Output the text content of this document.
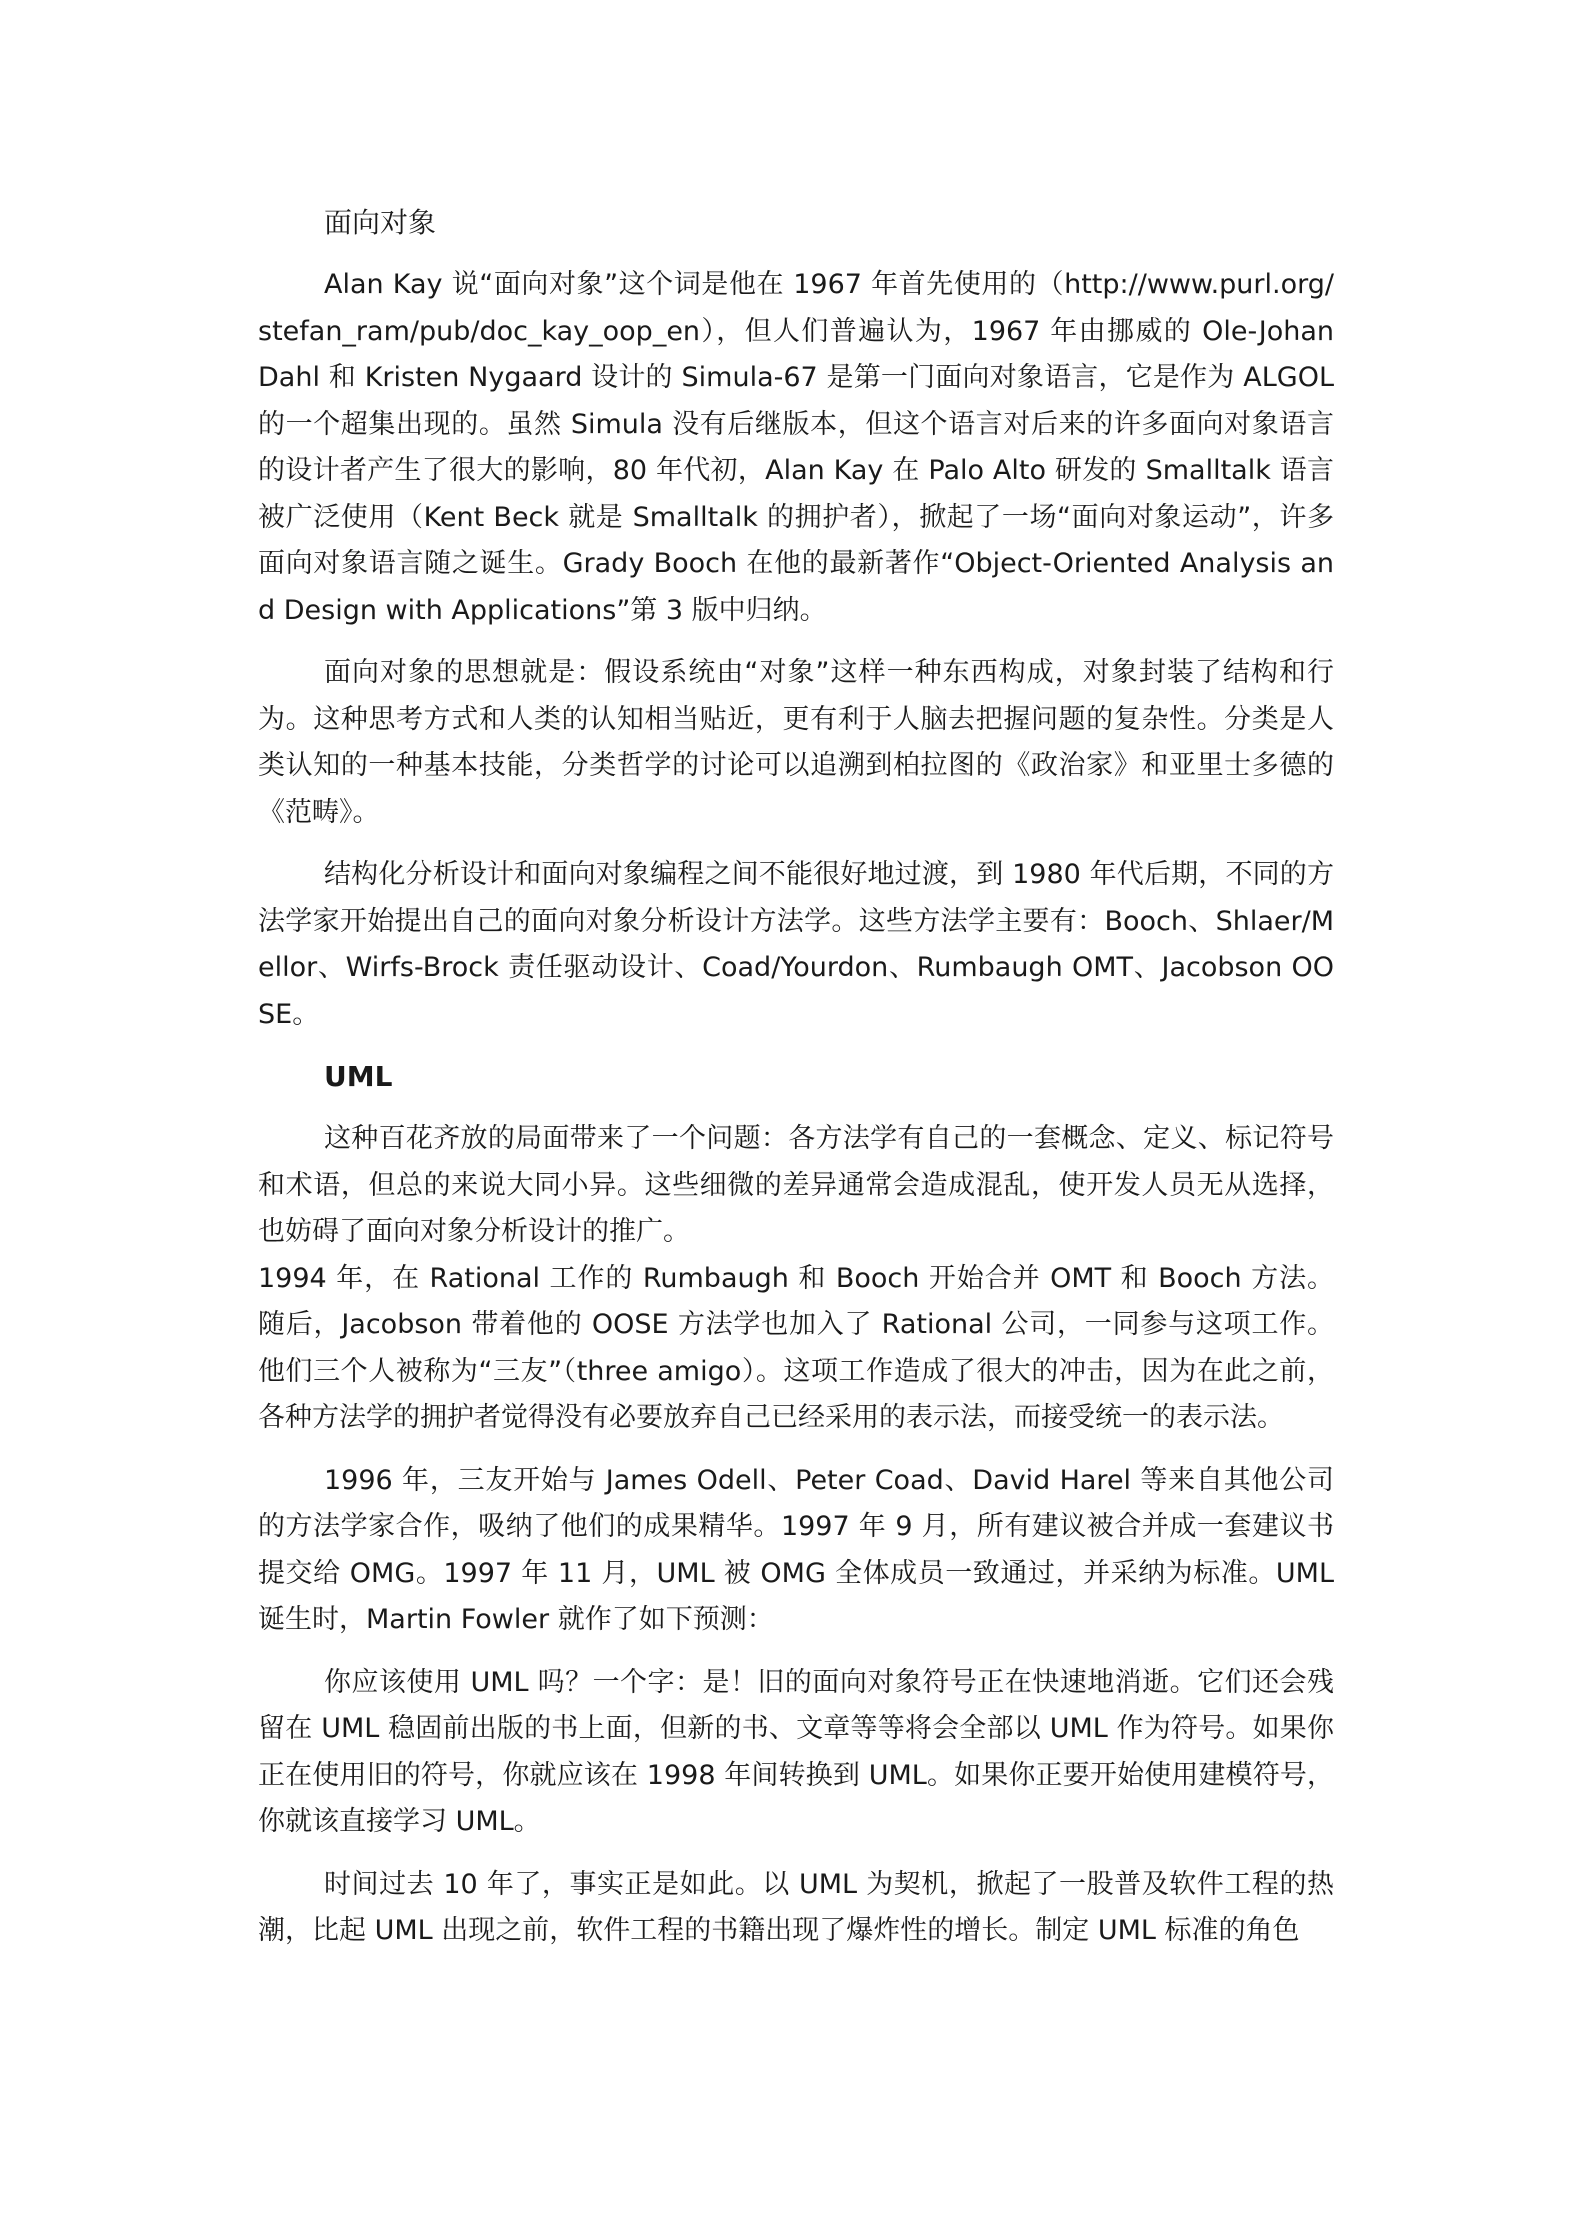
面向对象

Alan Kay 说“面向对象”这个词是他在 1967 年首先使用的（http://www.purl.org/stefan_ram/pub/doc_kay_oop_en），但人们普遍认为，1967 年由挪威的 Ole-Johan Dahl 和 Kristen Nygaard 设计的 Simula-67 是第一门面向对象语言，它是作为 ALGOL 的一个超集出现的。虽然 Simula 没有后继版本，但这个语言对后来的许多面向对象语言的设计者产生了很大的影响，80 年代初，Alan Kay 在 Palo Alto 研发的 Smalltalk 语言被广泛使用（Kent Beck 就是 Smalltalk 的拥护者），掀起了一场“面向对象运动”，许多面向对象语言随之诞生。Grady Booch 在他的最新著作“Object-Oriented Analysis and Design with Applications”第 3 版中归纳。

面向对象的思想就是：假设系统由“对象”这样一种东西构成，对象封装了结构和行为。这种思考方式和人类的认知相当贴近，更有利于人脑去把握问题的复杂性。分类是人类认知的一种基本技能，分类哲学的讨论可以追溯到柏拉图的《政治家》和亚里士多德的《范畴》。

结构化分析设计和面向对象编程之间不能很好地过渡，到 1980 年代后期，不同的方法学家开始提出自己的面向对象分析设计方法学。这些方法学主要有：Booch、Shlaer/Mellor、Wirfs-Brock 责任驱动设计、Coad/Yourdon、Rumbaugh OMT、Jacobson OOSE。

UML

这种百花齐放的局面带来了一个问题：各方法学有自己的一套概念、定义、标记符号和术语，但总的来说大同小异。这些细微的差异通常会造成混乱，使开发人员无从选择，也妨碍了面向对象分析设计的推广。

1994 年，在 Rational 工作的 Rumbaugh 和 Booch 开始合并 OMT 和 Booch 方法。随后，Jacobson 带着他的 OOSE 方法学也加入了 Rational 公司，一同参与这项工作。他们三个人被称为“三友”（three amigo）。这项工作造成了很大的冲击，因为在此之前，各种方法学的拥护者觉得没有必要放弃自己已经采用的表示法，而接受统一的表示法。

1996 年，三友开始与 James Odell、Peter Coad、David Harel 等来自其他公司的方法学家合作，吸纳了他们的成果精华。1997 年 9 月，所有建议被合并成一套建议书提交给 OMG。1997 年 11 月，UML 被 OMG 全体成员一致通过，并采纳为标准。UML 诞生时，Martin Fowler 就作了如下预测：

你应该使用 UML 吗？一个字：是！旧的面向对象符号正在快速地消逝。它们还会残留在 UML 稳固前出版的书上面，但新的书、文章等等将会全部以 UML 作为符号。如果你正在使用旧的符号，你就应该在 1998 年间转换到 UML。如果你正要开始使用建模符号，你就该直接学习 UML。

时间过去 10 年了，事实正是如此。以 UML 为契机，掀起了一股普及软件工程的热潮，比起 UML 出现之前，软件工程的书籍出现了爆炸性的增长。制定 UML 标准的角色
